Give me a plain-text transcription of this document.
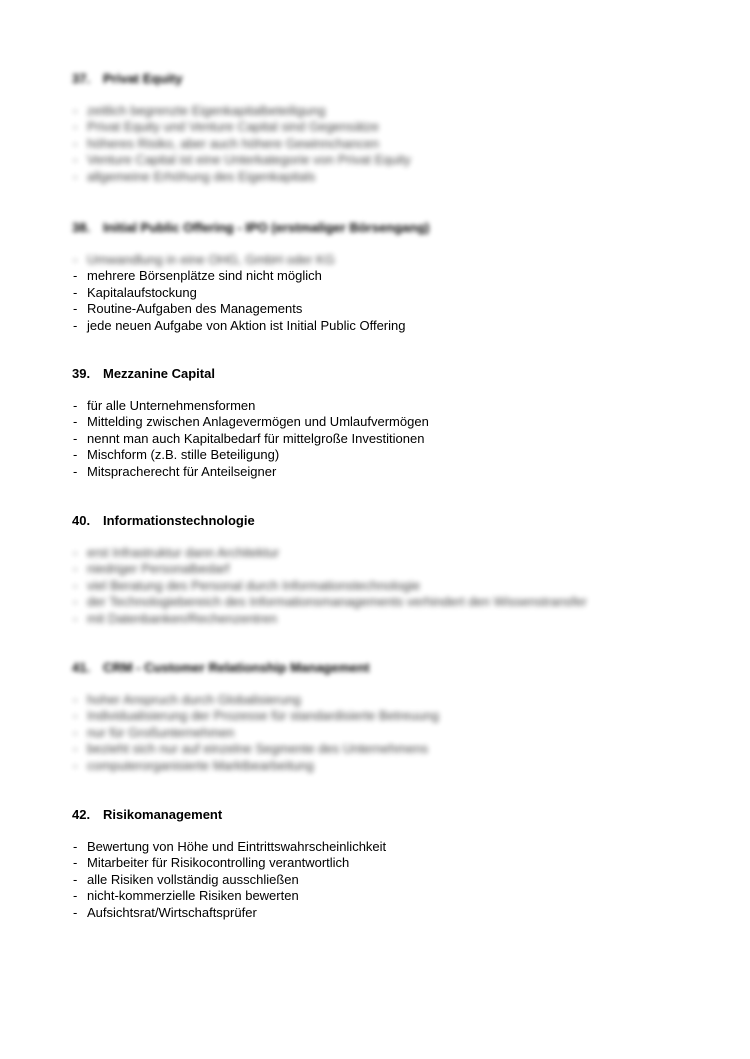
37. Privat Equity
- zeitlich begrenzte Eigenkapitalbeteiligung
- Privat Equity und Venture Capital sind Gegensätze
- höheres Risiko, aber auch höhere Gewinnchancen
- Venture Capital ist eine Unterkategorie von Privat Equity
- allgemeine Erhöhung des Eigenkapitals
38. Initial Public Offering - IPO (erstmaliger Börsengang)
- Umwandlung in eine OHG, GmbH oder KG
- mehrere Börsenplätze sind nicht möglich
- Kapitalaufstockung
- Routine-Aufgaben des Managements
- jede neuen Aufgabe von Aktion ist Initial Public Offering
39. Mezzanine Capital
- für alle Unternehmensformen
- Mittelding zwischen Anlagevermögen und Umlaufvermögen
- nennt man auch Kapitalbedarf für mittelgroße Investitionen
- Mischform (z.B. stille Beteiligung)
- Mitspracherecht für Anteilseigner
40. Informationstechnologie
- erst Infrastruktur dann Architektur
- niedriger Personalbedarf
- viel Beratung des Personal durch Informationstechnologie
- der Technologiebereich des Informationsmanagements verhindert den Wissenstransfer
- mit Datenbanken/Rechenzentren
41. CRM - Customer Relationship Management
- hoher Anspruch durch Globalisierung
- Individualisierung der Prozesse für standardisierte Betreuung
- nur für Großunternehmen
- bezieht sich nur auf einzelne Segmente des Unternehmens
- computerorganisierte Marktbearbeitung
42. Risikomanagement
- Bewertung von Höhe und Eintrittswahrscheinlichkeit
- Mitarbeiter für Risikocontrolling verantwortlich
- alle Risiken vollständig ausschließen
- nicht-kommerzielle Risiken bewerten
- Aufsichtsrat/Wirtschaftsprüfer
